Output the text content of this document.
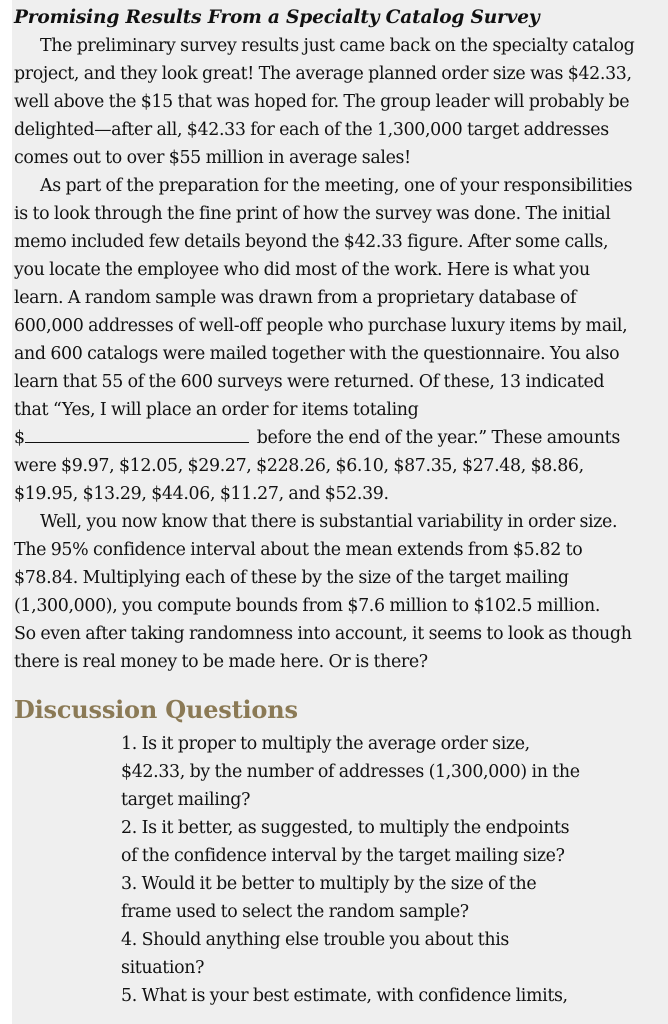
Promising Results From a Specialty Catalog Survey

The preliminary survey results just came back on the specialty catalog
project, and they look great! The average planned order size was $42.33,
well above the $15 that was hoped for. The group leader will probably be
delighted—after all, $42.33 for each of the 1,300,000 target addresses
comes out to over $55 million in average sales!

As part of the preparation for the meeting, one of your responsibilities
is to look through the fine print of how the survey was done. The initial
memo included few details beyond the $42.33 figure. After some calls,
you locate the employee who did most of the work. Here is what you
learn. A random sample was drawn from a proprietary database of
600,000 addresses of well-off people who purchase luxury items by mail,
and 600 catalogs were mailed together with the questionnaire. You also
learn that 55 of the 600 surveys were returned. Of these, 13 indicated
that “Yes, I will place an order for items totaling
$	before the end of the year.” These amounts
were $9.97, $12.05, $29.27, $228.26, $6.10, $87.35, $27.48, $8.86,
$19.95, $13.29, $44.06, $11.27, and $52.39.

Well, you now know that there is substantial variability in order size.
The 95% confidence interval about the mean extends from $5.82 to
$78.84. Multiplying each of these by the size of the target mailing
(1,300,000), you compute bounds from $7.6 million to $102.5 million.
So even after taking randomness into account, it seems to look as though
there is real money to be made here. Or is there?

Discussion Questions
1. Is it proper to multiply the average order size,
$42.33, by the number of addresses (1,300,000) in the
target mailing?
2. Is it better, as suggested, to multiply the endpoints
of the confidence interval by the target mailing size?
3. Would it be better to multiply by the size of the
frame used to select the random sample?
4. Should anything else trouble you about this
situation?
5. What is your best estimate, with confidence limits,
